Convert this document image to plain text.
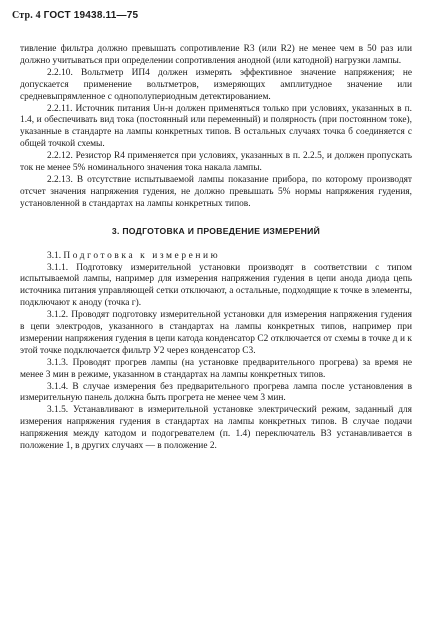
Стр. 4 ГОСТ 19438.11—75

тивление фильтра должно превышать сопротивление R3 (или R2) не менее чем в 50 раз или должно учитываться при определении сопротивления анодной (или катодной) нагрузки лампы.

2.2.10. Вольтметр ИП4 должен измерять эффективное значение напряжения; не допускается применение вольтметров, измеряющих амплитудное значение или средневыпрямленное с однополупериодным детектированием.

2.2.11. Источник питания Uн-н должен применяться только при условиях, указанных в п. 1.4, и обеспечивать вид тока (постоянный или переменный) и полярность (при постоянном токе), указанные в стандарте на лампы конкретных типов. В остальных случаях точка б соединяется с общей точкой схемы.

2.2.12. Резистор R4 применяется при условиях, указанных в п. 2.2.5, и должен пропускать ток не менее 5% номинального значения тока накала лампы.

2.2.13. В отсутствие испытываемой лампы показание прибора, по которому производят отсчет значения напряжения гудения, не должно превышать 5% нормы напряжения гудения, установленной в стандартах на лампы конкретных типов.

3. ПОДГОТОВКА И ПРОВЕДЕНИЕ ИЗМЕРЕНИЙ

3.1. Подготовка к измерению

3.1.1. Подготовку измерительной установки производят в соответствии с типом испытываемой лампы, например для измерения напряжения гудения в цепи анода диода цепь источника питания управляющей сетки отключают, а остальные, подходящие к точке в элементы, подключают к аноду (точка г).

3.1.2. Проводят подготовку измерительной установки для измерения напряжения гудения в цепи электродов, указанного в стандартах на лампы конкретных типов, например при измерении напряжения гудения в цепи катода конденсатор С2 отключается от схемы в точке д и к этой точке подключается фильтр У2 через конденсатор С3.

3.1.3. Проводят прогрев лампы (на установке предварительного прогрева) за время не менее 3 мин в режиме, указанном в стандартах на лампы конкретных типов.

3.1.4. В случае измерения без предварительного прогрева лампа после установления в измерительную панель должна быть прогрета не менее чем 3 мин.

3.1.5. Устанавливают в измерительной установке электрический режим, заданный для измерения напряжения гудения в стандартах на лампы конкретных типов. В случае подачи напряжения между катодом и подогревателем (п. 1.4) переключатель В3 устанавливается в положение 1, в других случаях — в положение 2.
